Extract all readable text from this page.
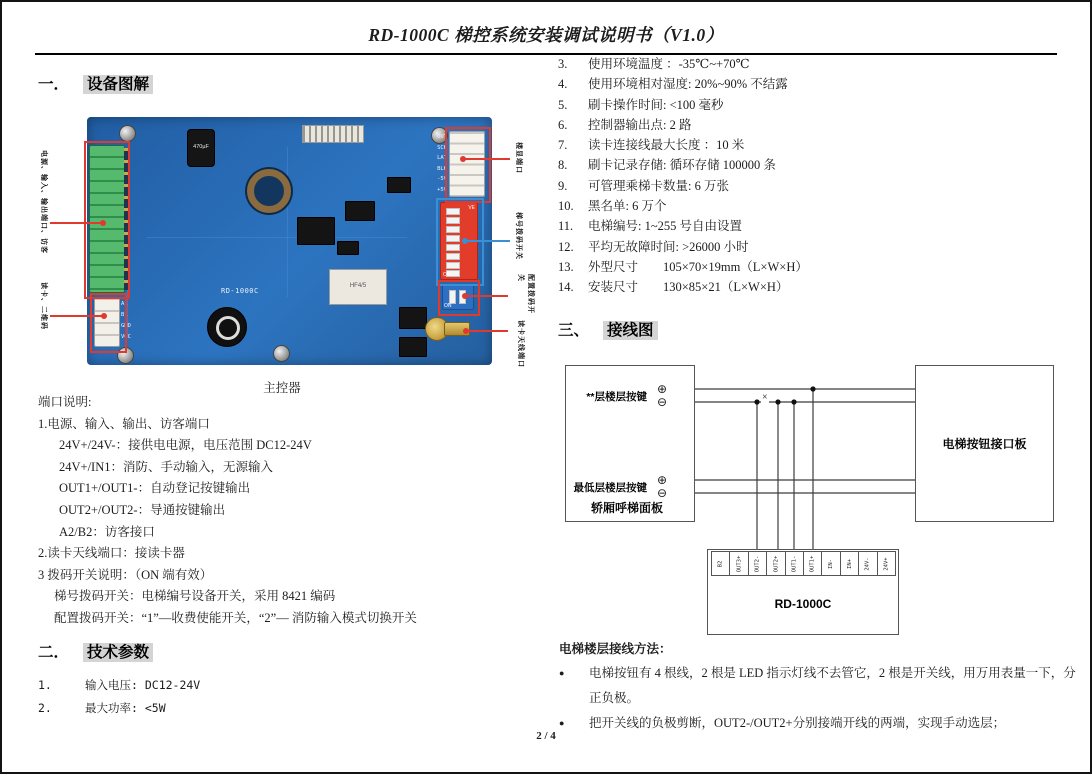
RD-1000C 梯控系统安装调试说明书（V1.0）
一． 设备图解
A1
B1
GND
VCC
470µF
HF4/5
RD-1000C
OUT
SCK
LAT
BLK
-5V
+5V
VE
ON
ON
电源、输入、输出端口、访客
读卡、二维码
楼显端口
梯号拨码开关
配置拨码开关
读卡天线端口
主控器
端口说明:
1.电源、输入、输出、访客端口
24V+/24V-：接供电电源，电压范围 DC12-24V
24V+/IN1：消防、手动输入，无源输入
OUT1+/OUT1-：自动登记按键输出
OUT2+/OUT2-：导通按键输出
A2/B2：访客接口
2.读卡天线端口：接读卡器
3 拨码开关说明：（ON 端有效）
梯号拨码开关：电梯编号设备开关，采用 8421 编码
配置拨码开关：“1”—收费使能开关，“2”— 消防输入模式切换开关
二． 技术参数
1.	输入电压: DC12-24V
2.	最大功率: <5W
3.	使用环境温度 ：-35℃~+70℃
4.	使用环境相对湿度: 20%~90% 不结露
5.	刷卡操作时间: <100 毫秒
6.	控制器输出点: 2 路
7.	读卡连接线最大长度 ：10 米
8.	刷卡记录存储: 循环存储 100000 条
9.	可管理乘梯卡数量: 6 万张
10.	黑名单: 6 万个
11.	电梯编号: 1~255 号自由设置
12.	平均无故障时间: >26000 小时
13.	外型尺寸　　105×70×19mm（L×W×H）
14.	安装尺寸　　130×85×21（L×W×H）
三、 接线图
电梯按钮接口板
**层楼层按键
⊕
⊖
最低层楼层按键
⊕
⊖
轿厢呼梯面板
×
B2 OUT3+ OUT2- OUT2+ OUT1- OUT1+ IN- IN+ 24V- 24V+
RD-1000C
电梯楼层接线方法：
●	电梯按钮有 4 根线，2 根是 LED 指示灯线不去管它，2 根是开关线，用万用表量一下，分正负极。
●	把开关线的负极剪断，OUT2-/OUT2+分别接端开线的两端，实现手动选层；
2 / 4
